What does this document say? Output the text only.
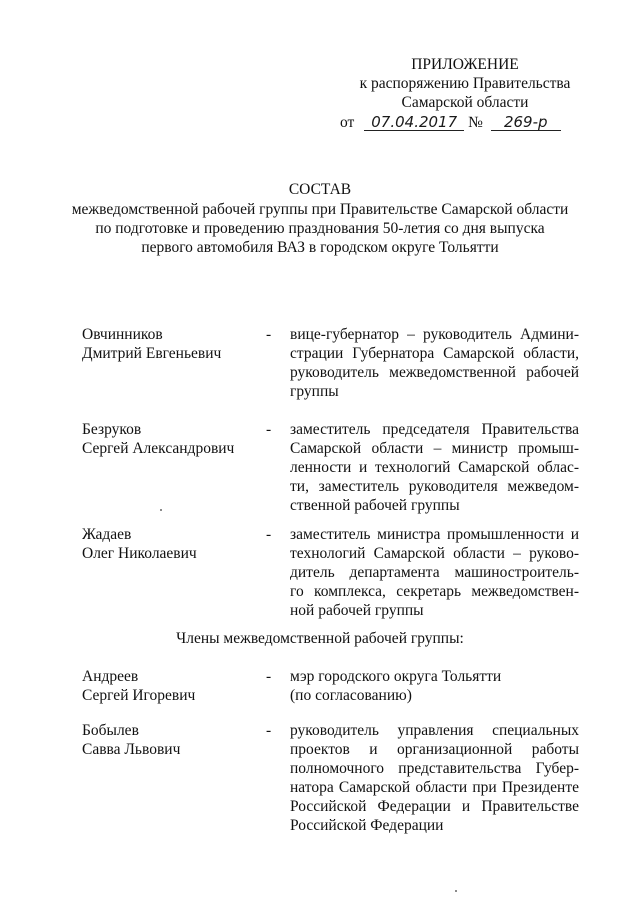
ПРИЛОЖЕНИЕ
к распоряжению Правительства
Самарской области
от 07.04.2017 № 269-р
СОСТАВ
межведомственной рабочей группы при Правительстве Самарской области
по подготовке и проведению празднования 50-летия со дня выпуска
первого автомобиля ВАЗ в городском округе Тольятти
Овчинников
Дмитрий Евгеньевич
-	вице-губернатор – руководитель Админи-
страции Губернатора Самарской области,
руководитель межведомственной рабочей
группы
Безруков
Сергей Александрович
-	заместитель председателя Правительства
Самарской области – министр промыш-
ленности и технологий Самарской облас-
ти, заместитель руководителя межведом-
ственной рабочей группы
Жадаев
Олег Николаевич
-	заместитель министра промышленности и
технологий Самарской области – руково-
дитель департамента машиностроитель-
го комплекса, секретарь межведомствен-
ной рабочей группы
Члены межведомственной рабочей группы:
Андреев
Сергей Игоревич
-	мэр городского округа Тольятти
(по согласованию)
Бобылев
Савва Львович
-	руководитель управления специальных
проектов и организационной работы
полномочного представительства Губер-
натора Самарской области при Президенте
Российской Федерации и Правительстве
Российской Федерации
